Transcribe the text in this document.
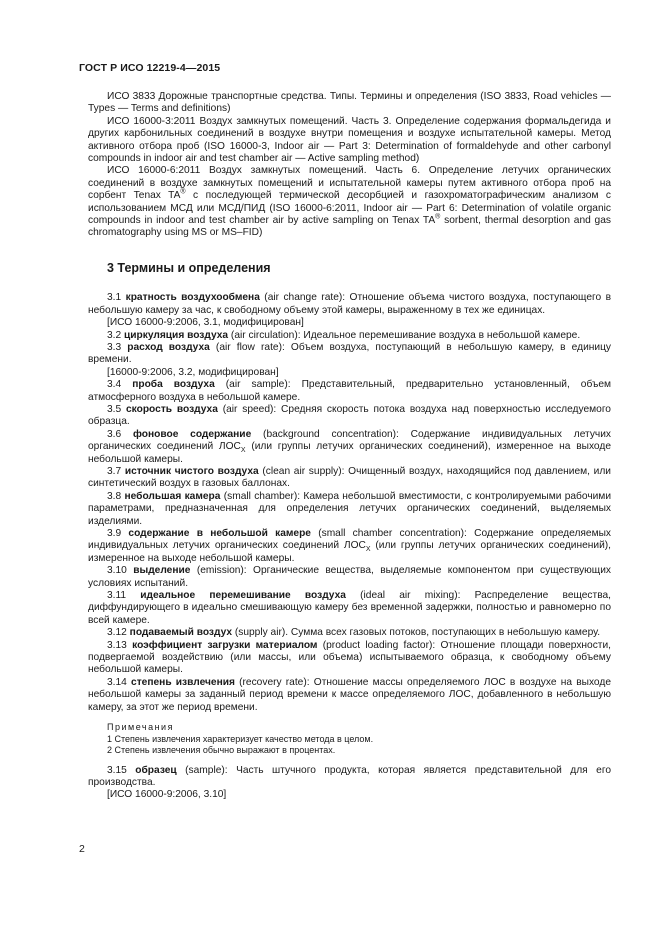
ГОСТ Р ИСО 12219-4—2015

ИСО 3833 Дорожные транспортные средства. Типы. Термины и определения (ISO 3833, Road vehicles — Types — Terms and definitions)

ИСО 16000-3:2011 Воздух замкнутых помещений. Часть 3. Определение содержания формальдегида и других карбонильных соединений в воздухе внутри помещения и воздухе испытательной камеры. Метод активного отбора проб (ISO 16000-3, Indoor air — Part 3: Determination of formaldehyde and other carbonyl compounds in indoor air and test chamber air — Active sampling method)

ИСО 16000-6:2011 Воздух замкнутых помещений. Часть 6. Определение летучих органических соединений в воздухе замкнутых помещений и испытательной камеры путем активного отбора проб на сорбент Tenax TA® с последующей термической десорбцией и газохроматографическим анализом с использованием МСД или МСД/ПИД (ISO 16000-6:2011, Indoor air — Part 6: Determination of volatile organic compounds in indoor and test chamber air by active sampling on Tenax TA® sorbent, thermal desorption and gas chromatography using MS or MS–FID)

3 Термины и определения

3.1 кратность воздухообмена (air change rate): Отношение объема чистого воздуха, поступающего в небольшую камеру за час, к свободному объему этой камеры, выраженному в тех же единицах.

[ИСО 16000-9:2006, 3.1, модифицирован]

3.2 циркуляция воздуха (air circulation): Идеальное перемешивание воздуха в небольшой камере.

3.3 расход воздуха (air flow rate): Объем воздуха, поступающий в небольшую камеру, в единицу времени.

[16000-9:2006, 3.2, модифицирован]

3.4 проба воздуха (air sample): Представительный, предварительно установленный, объем атмосферного воздуха в небольшой камере.

3.5 скорость воздуха (air speed): Средняя скорость потока воздуха над поверхностью исследуемого образца.

3.6 фоновое содержание (background concentration): Содержание индивидуальных летучих органических соединений $ЛОС_X$ (или группы летучих органических соединений), измеренное на выходе небольшой камеры.

3.7 источник чистого воздуха (clean air supply): Очищенный воздух, находящийся под давлением, или синтетический воздух в газовых баллонах.

3.8 небольшая камера (small chamber): Камера небольшой вместимости, с контролируемыми рабочими параметрами, предназначенная для определения летучих органических соединений, выделяемых изделиями.

3.9 содержание в небольшой камере (small chamber concentration): Содержание определяемых индивидуальных летучих органических соединений $ЛОС_X$ (или группы летучих органических соединений), измеренное на выходе небольшой камеры.

3.10 выделение (emission): Органические вещества, выделяемые компонентом при существующих условиях испытаний.

3.11 идеальное перемешивание воздуха (ideal air mixing): Распределение вещества, диффундирующего в идеально смешивающую камеру без временной задержки, полностью и равномерно по всей камере.

3.12 подаваемый воздух (supply air). Сумма всех газовых потоков, поступающих в небольшую камеру.

3.13 коэффициент загрузки материалом (product loading factor): Отношение площади поверхности, подвергаемой воздействию (или массы, или объема) испытываемого образца, к свободному объему небольшой камеры.

3.14 степень извлечения (recovery rate): Отношение массы определяемого ЛОС в воздухе на выходе небольшой камеры за заданный период времени к массе определяемого ЛОС, добавленного в небольшую камеру, за этот же период времени.

Примечания
1 Степень извлечения характеризует качество метода в целом.
2 Степень извлечения обычно выражают в процентах.

3.15 образец (sample): Часть штучного продукта, которая является представительной для его производства.

[ИСО 16000-9:2006, 3.10]

2
